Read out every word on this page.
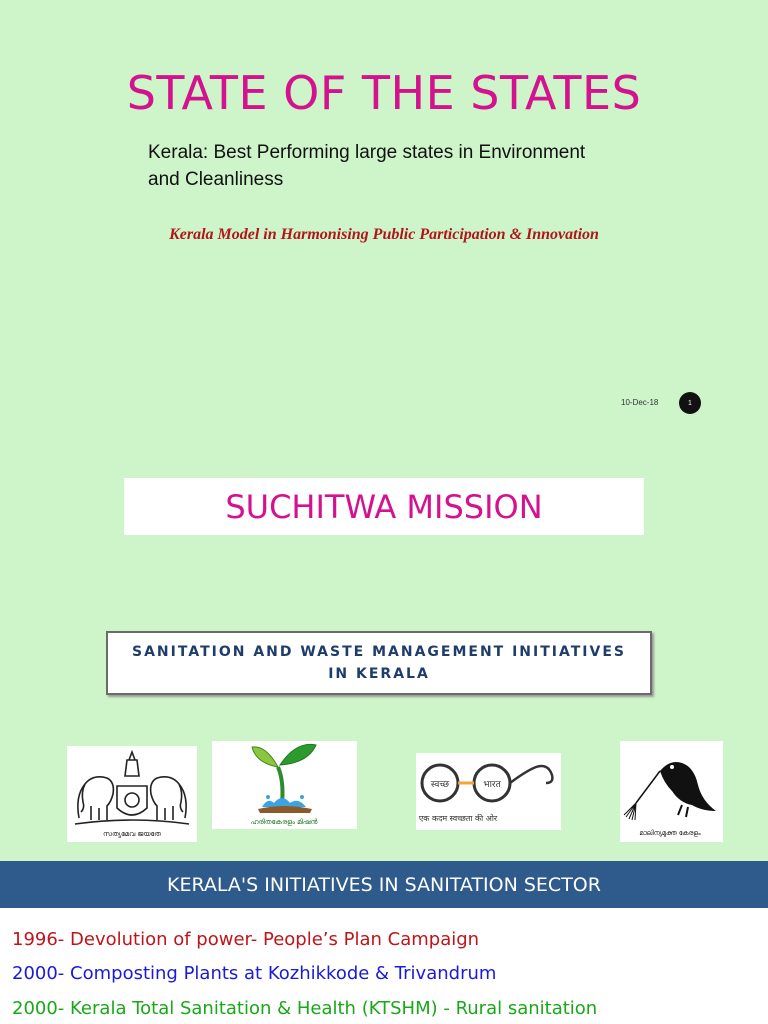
STATE OF THE STATES
Kerala: Best Performing large states in Environment
and Cleanliness
Kerala Model in Harmonising Public Participation & Innovation
10-Dec-18	1
SUCHITWA MISSION
SANITATION AND WASTE MANAGEMENT INITIATIVES
IN KERALA
സത്യമേവ ജയതേ
ഹരിതകേരളം മിഷൻ
स्वच्छ	भारत
एक कदम स्वच्छता की ओर
മാലിന്യമുക്ത കേരളം
KERALA'S INITIATIVES IN SANITATION SECTOR
1996- Devolution of power- People’s Plan Campaign
2000- Composting Plants at Kozhikkode & Trivandrum
2000- Kerala Total Sanitation & Health (KTSHM) - Rural sanitation
